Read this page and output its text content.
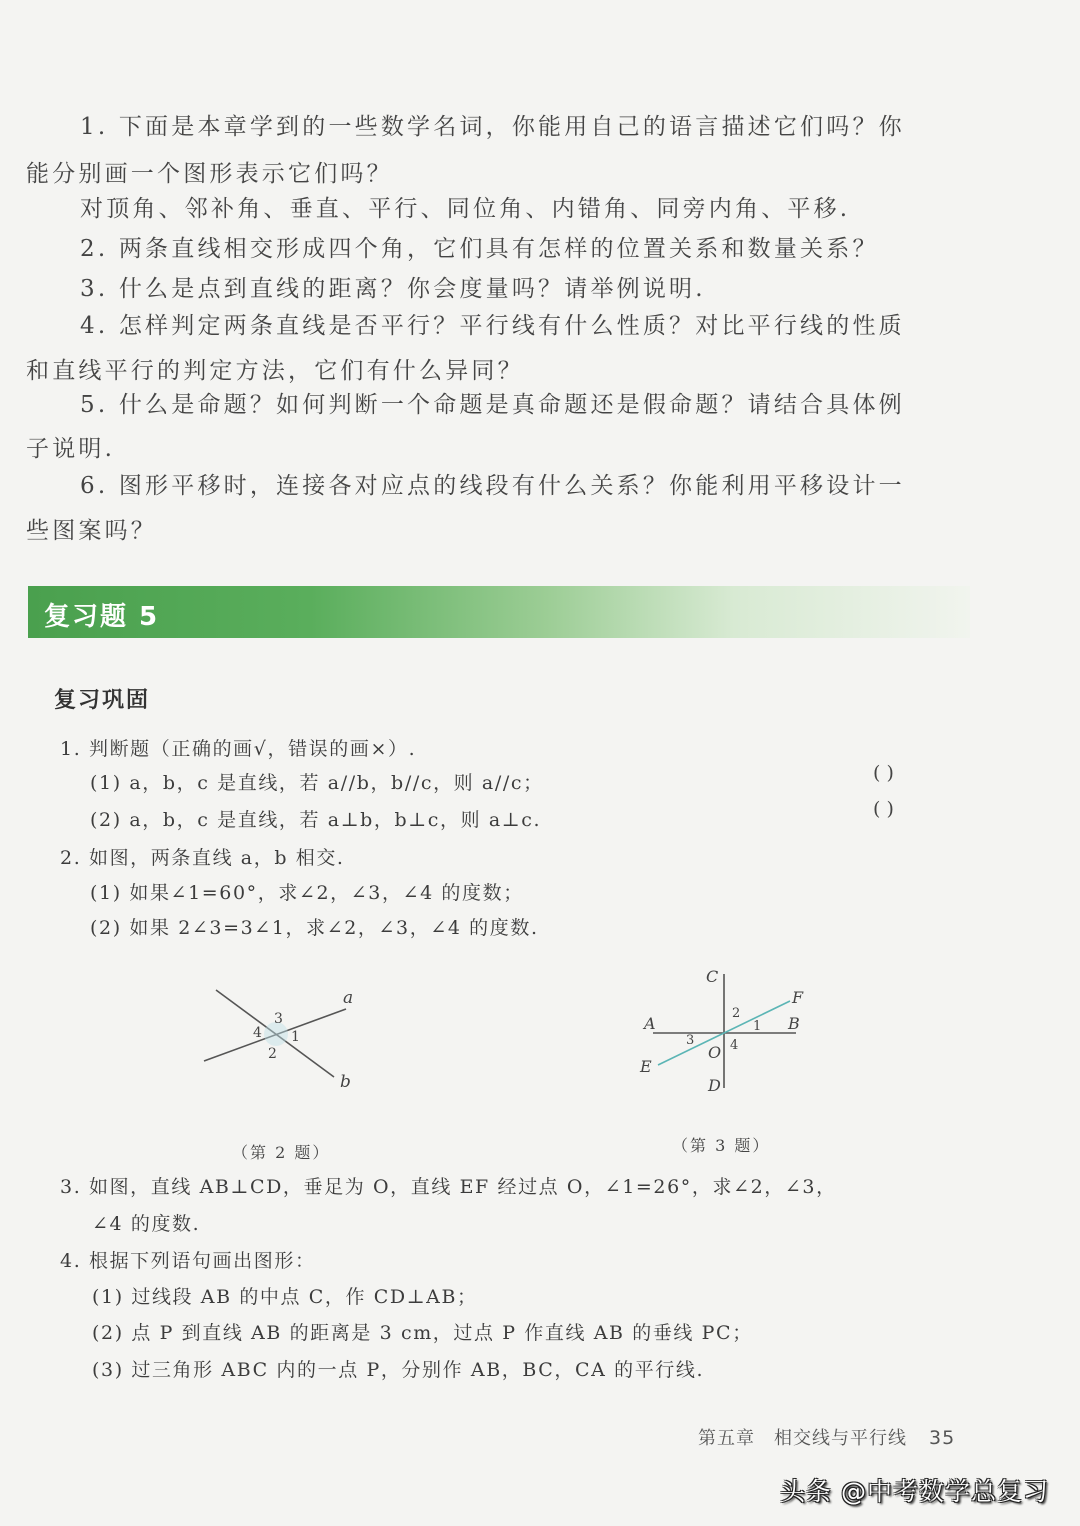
1. 下面是本章学到的一些数学名词，你能用自己的语言描述它们吗？你
能分别画一个图形表示它们吗？
对顶角、邻补角、垂直、平行、同位角、内错角、同旁内角、平移.
2. 两条直线相交形成四个角，它们具有怎样的位置关系和数量关系？
3. 什么是点到直线的距离？你会度量吗？请举例说明.
4. 怎样判定两条直线是否平行？平行线有什么性质？对比平行线的性质
和直线平行的判定方法，它们有什么异同？
5. 什么是命题？如何判断一个命题是真命题还是假命题？请结合具体例
子说明.
6. 图形平移时，连接各对应点的线段有什么关系？你能利用平移设计一
些图案吗？
复习题 5
复习巩固
1. 判断题（正确的画√，错误的画×）.
(1) a，b，c 是直线，若 a//b，b//c，则 a//c；	( )
(2) a，b，c 是直线，若 a⊥b，b⊥c，则 a⊥c.	( )
2. 如图，两条直线 a，b 相交.
(1) 如果∠1=60°，求∠2，∠3，∠4 的度数；
(2) 如果 2∠3=3∠1，求∠2，∠3，∠4 的度数.
a
b
3
4 1
2
（第 2 题）
A	B
C
D
E
F
O
1
2
3	4
（第 3 题）
3. 如图，直线 AB⊥CD，垂足为 O，直线 EF 经过点 O，∠1=26°，求∠2，∠3，
∠4 的度数.
4. 根据下列语句画出图形：
(1) 过线段 AB 的中点 C，作 CD⊥AB；
(2) 点 P 到直线 AB 的距离是 3 cm，过点 P 作直线 AB 的垂线 PC；
(3) 过三角形 ABC 内的一点 P，分别作 AB，BC，CA 的平行线.
第五章　相交线与平行线 35
头条 @中考数学总复习
